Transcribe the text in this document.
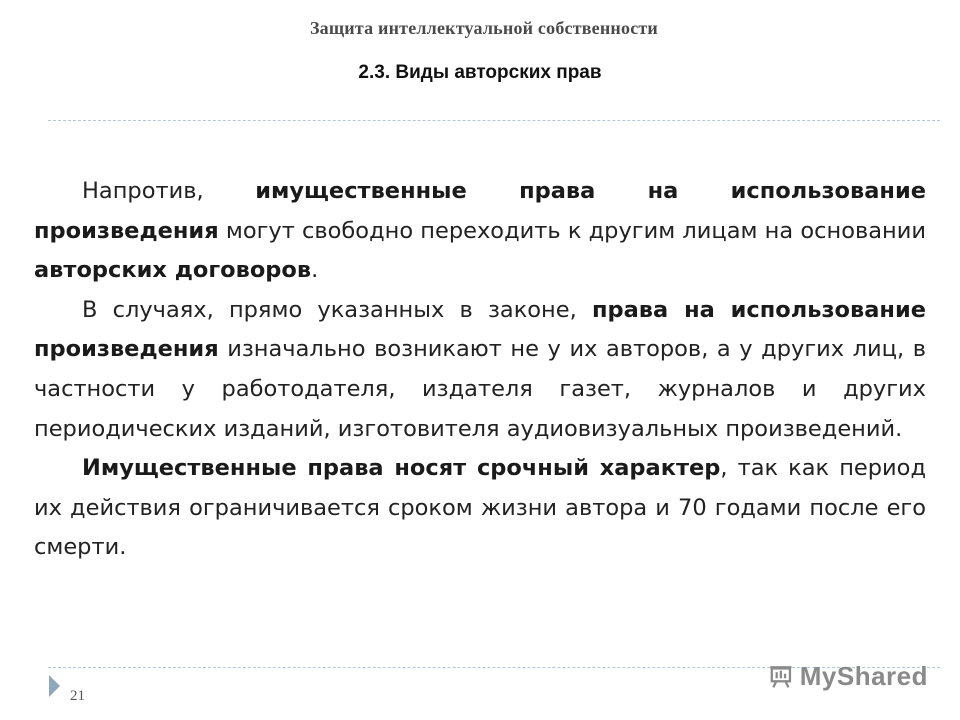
Защита интеллектуальной собственности
2.3. Виды авторских прав

Напротив, имущественные права на использование произведения могут свободно переходить к другим лицам на основании авторских договоров.

В случаях, прямо указанных в законе, права на использование произведения изначально возникают не у их авторов, а у других лиц, в частности у работодателя, издателя газет, журналов и других периодических изданий, изготовителя аудиовизуальных произведений.

Имущественные права носят срочный характер, так как период их действия ограничивается сроком жизни автора и 70 годами после его смерти.

21
MyShared
